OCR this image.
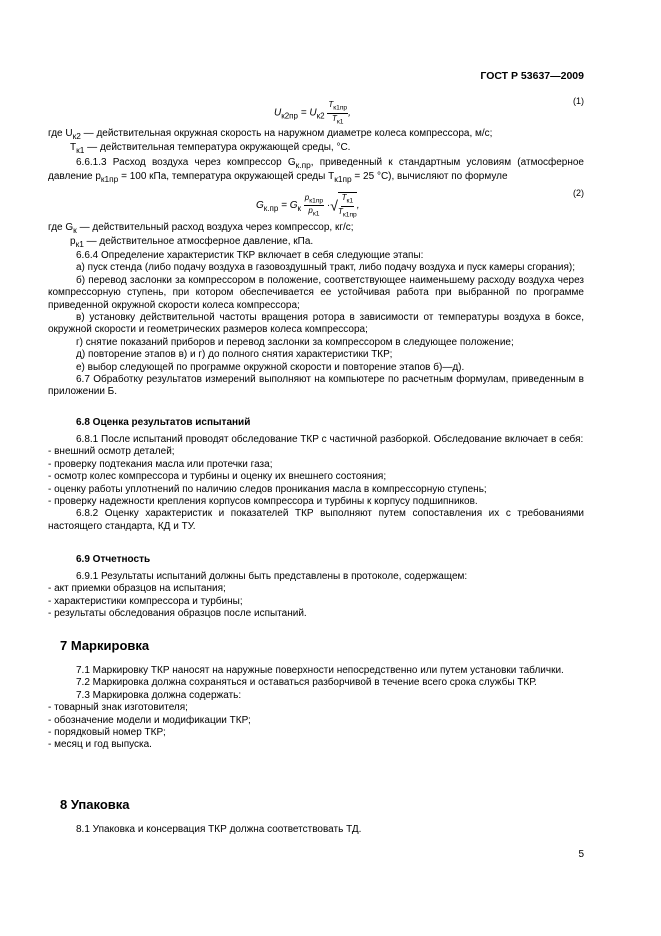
ГОСТ Р 53637—2009
$U_{к2пр} = U_{к2} \frac{T_{к1пр}}{T_{к1}}$ ,
(1)

где $U_{к2}$ — действительная окружная скорость на наружном диаметре колеса компрессора, м/с;

$T_{к1}$ — действительная температура окружающей среды, °С.

6.6.1.3 Расход воздуха через компрессор $G_{к.пр}$, приведенный к стандартным условиям (атмосферное давление $p_{к1пр} = 100$ кПа, температура окружающей среды $T_{к1пр} = 25$ °С), вычисляют по формуле

$G_{к.пр} = G_к \frac{p_{к1пр}}{p_{к1}}$ ·√ $\frac{T_{к1}}{T_{к1пр}}$ ,
(2)

где $G_к$ — действительный расход воздуха через компрессор, кг/с;

$p_{к1}$ — действительное атмосферное давление, кПа.

6.6.4 Определение характеристик ТКР включает в себя следующие этапы:

а) пуск стенда (либо подачу воздуха в газовоздушный тракт, либо подачу воздуха и пуск камеры сгорания);

б) перевод заслонки за компрессором в положение, соответствующее наименьшему расходу воздуха через компрессорную ступень, при котором обеспечивается ее устойчивая работа при выбранной по программе приведенной окружной скорости колеса компрессора;

в) установку действительной частоты вращения ротора в зависимости от температуры воздуха в боксе, окружной скорости и геометрических размеров колеса компрессора;

г) снятие показаний приборов и перевод заслонки за компрессором в следующее положение;

д) повторение этапов в) и г) до полного снятия характеристики ТКР;

е) выбор следующей по программе окружной скорости и повторение этапов б)—д).

6.7 Обработку результатов измерений выполняют на компьютере по расчетным формулам, приведенным в приложении Б.

6.8 Оценка результатов испытаний

6.8.1 После испытаний проводят обследование ТКР с частичной разборкой. Обследование включает в себя:

- внешний осмотр деталей;

- проверку подтекания масла или протечки газа;

- осмотр колес компрессора и турбины и оценку их внешнего состояния;

- оценку работы уплотнений по наличию следов проникания масла в компрессорную ступень;

- проверку надежности крепления корпусов компрессора и турбины к корпусу подшипников.

6.8.2 Оценку характеристик и показателей ТКР выполняют путем сопоставления их с требованиями настоящего стандарта, КД и ТУ.

6.9 Отчетность

6.9.1 Результаты испытаний должны быть представлены в протоколе, содержащем:

- акт приемки образцов на испытания;

- характеристики компрессора и турбины;

- результаты обследования образцов после испытаний.

7 Маркировка

7.1 Маркировку ТКР наносят на наружные поверхности непосредственно или путем установки таблички.

7.2 Маркировка должна сохраняться и оставаться разборчивой в течение всего срока службы ТКР.

7.3 Маркировка должна содержать:

- товарный знак изготовителя;

- обозначение модели и модификации ТКР;

- порядковый номер ТКР;

- месяц и год выпуска.

8 Упаковка

8.1 Упаковка и консервация ТКР должна соответствовать ТД.

5
